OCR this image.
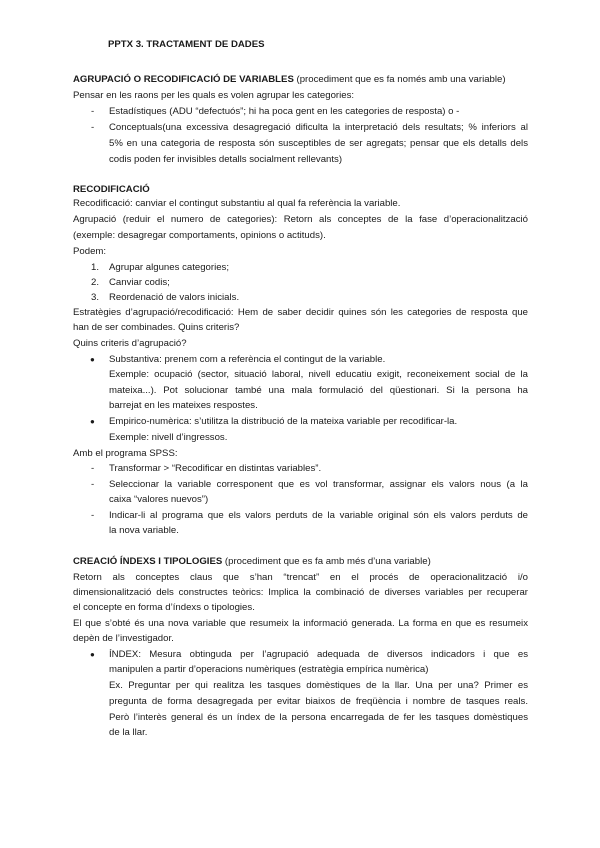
PPTX 3. TRACTAMENT DE DADES
AGRUPACIÓ O RECODIFICACIÓ DE VARIABLES (procediment que es fa només amb una variable)
Pensar en les raons per les quals es volen agrupar les categories:
- Estadístiques (ADU “defectuós”; hi ha poca gent en les categories de resposta) o -
- Conceptuals(una excessiva desagregació dificulta la interpretació dels resultats; % inferiors al
5% en una categoria de resposta són susceptibles de ser agregats; pensar que els detalls dels
codis poden fer invisibles detalls socialment rellevants)
RECODIFICACIÓ
Recodificació: canviar el contingut substantiu al qual fa referència la variable.
Agrupació (reduir el numero de categories): Retorn als conceptes de la fase d’operacionalització
(exemple: desagregar comportaments, opinions o actituds).
Podem:
1. Agrupar algunes categories;
2. Canviar codis;
3. Reordenació de valors inicials.
Estratègies d’agrupació/recodificació: Hem de saber decidir quines són les categories de resposta que
han de ser combinades. Quins criteris?
Quins criteris d’agrupació?
● Substantiva: prenem com a referència el contingut de la variable.
Exemple: ocupació (sector, situació laboral, nivell educatiu exigit, reconeixement social de la
mateixa...). Pot solucionar també una mala formulació del qüestionari. Si la persona ha
barrejat en les mateixes respostes.
● Empirico-numèrica: s’utilitza la distribució de la mateixa variable per recodificar-la.
Exemple: nivell d’ingressos.
Amb el programa SPSS:
- Transformar > “Recodificar en distintas variables”.
- Seleccionar la variable corresponent que es vol transformar, assignar els valors nous (a la
caixa “valores nuevos”)
- Indicar-li al programa que els valors perduts de la variable original són els valors perduts de
la nova variable.
CREACIÓ ÍNDEXS I TIPOLOGIES (procediment que es fa amb més d’una variable)
Retorn als conceptes claus que s’han “trencat” en el procés de operacionalització i/o
dimensionalització dels constructes teòrics: Implica la combinació de diverses variables per recuperar
el concepte en forma d’índexs o tipologies.
El que s’obté és una nova variable que resumeix la informació generada. La forma en que es resumeix
depèn de l’investigador.
● ÍNDEX: Mesura obtinguda per l’agrupació adequada de diversos indicadors i que es
manipulen a partir d’operacions numèriques (estratègia empírica numèrica)
Ex. Preguntar per qui realitza les tasques domèstiques de la llar. Una per una? Primer es
pregunta de forma desagregada per evitar biaixos de freqüència i nombre de tasques reals.
Però l’interès general és un índex de la persona encarregada de fer les tasques domèstiques
de la llar.
